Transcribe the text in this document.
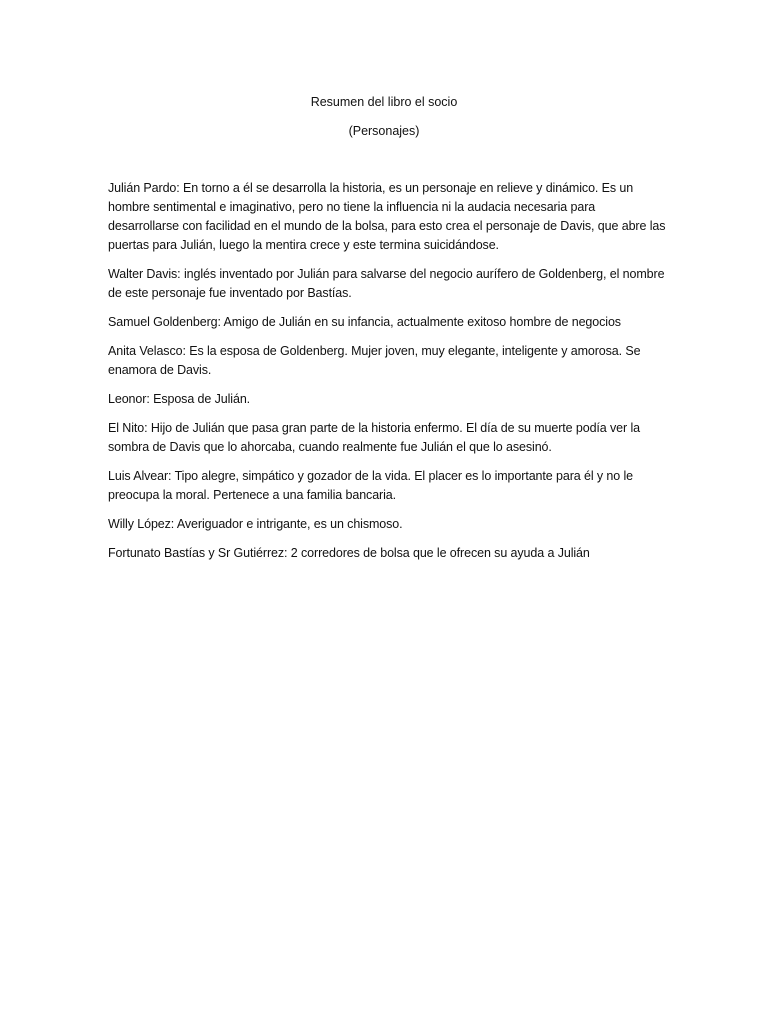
Resumen del libro el socio

(Personajes)

Julián Pardo: En torno a él se desarrolla la historia, es un personaje en relieve y dinámico. Es un hombre sentimental e imaginativo, pero no tiene la influencia ni la audacia necesaria para desarrollarse con facilidad en el mundo de la bolsa, para esto crea el personaje de Davis, que abre las puertas para Julián, luego la mentira crece y este termina suicidándose.

Walter Davis: inglés inventado por Julián para salvarse del negocio aurífero de Goldenberg, el nombre de este personaje fue inventado por Bastías.

Samuel Goldenberg: Amigo de Julián en su infancia, actualmente exitoso hombre de negocios

Anita Velasco: Es la esposa de Goldenberg. Mujer joven, muy elegante, inteligente y amorosa. Se enamora de Davis.

Leonor: Esposa de Julián.

El Nito: Hijo de Julián que pasa gran parte de la historia enfermo. El día de su muerte podía ver la sombra de Davis que lo ahorcaba, cuando realmente fue Julián el que lo asesinó.

Luis Alvear: Tipo alegre, simpático y gozador de la vida. El placer es lo importante para él y no le preocupa la moral. Pertenece a una familia bancaria.

Willy López: Averiguador e intrigante, es un chismoso.

Fortunato Bastías y Sr Gutiérrez: 2 corredores de bolsa que le ofrecen su ayuda a Julián
